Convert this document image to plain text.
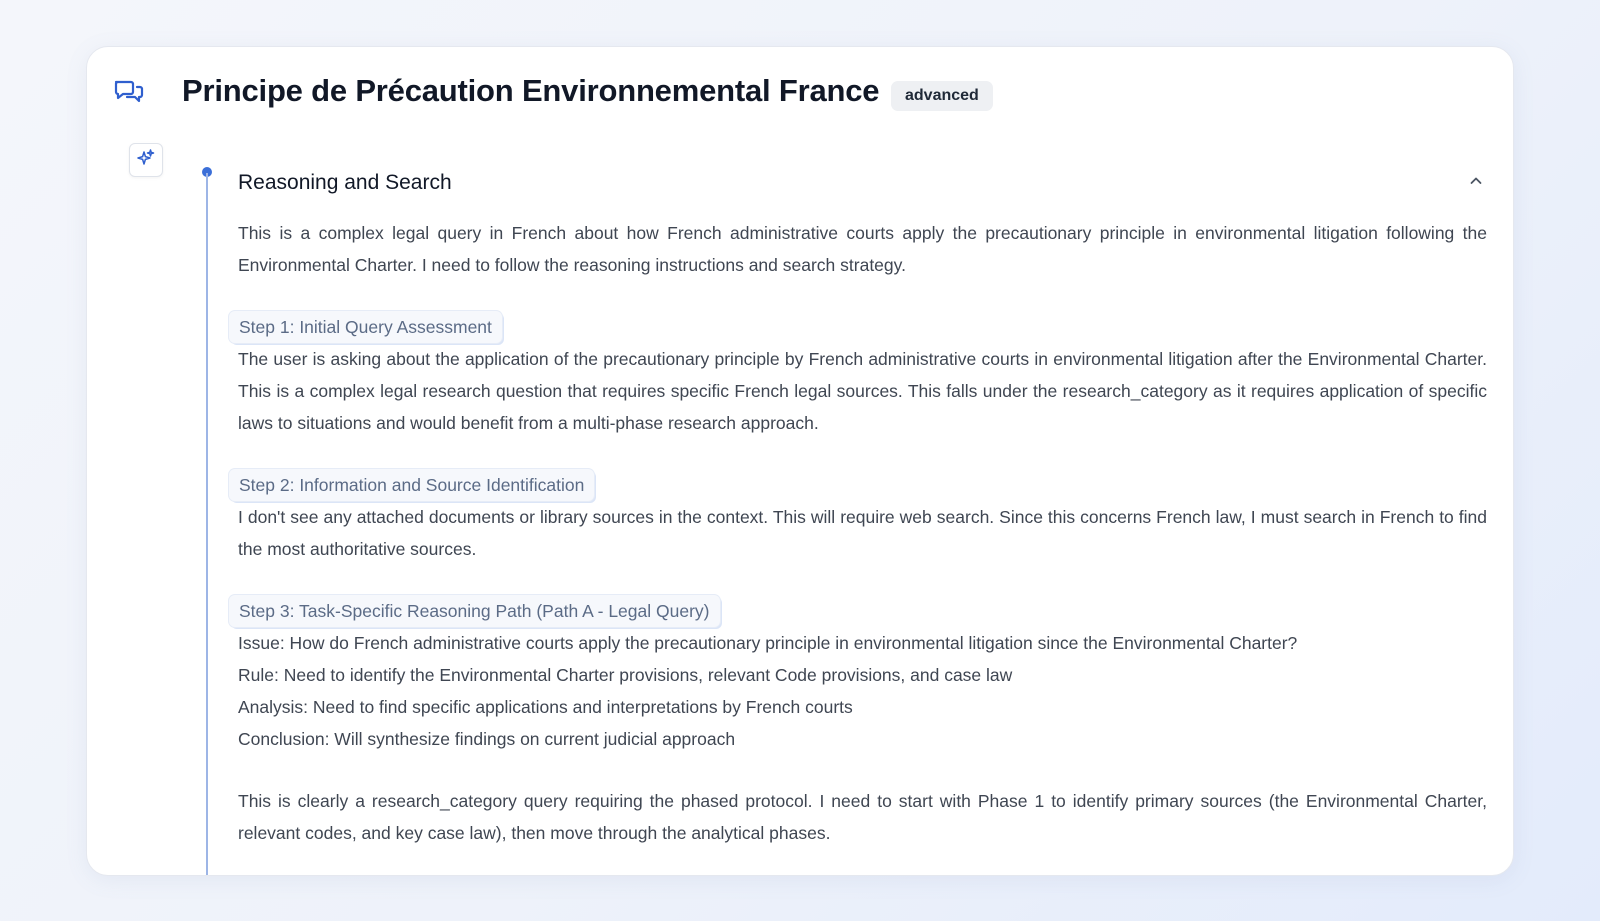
Principe de Précaution Environnemental France	advanced
Reasoning and Search

This is a complex legal query in French about how French administrative courts apply the precautionary principle in environmental litigation following the Environmental Charter. I need to follow the reasoning instructions and search strategy.

Step 1: Initial Query Assessment

The user is asking about the application of the precautionary principle by French administrative courts in environmental litigation after the Environmental Charter. This is a complex legal research question that requires specific French legal sources. This falls under the research_category as it requires application of specific laws to situations and would benefit from a multi-phase research approach.

Step 2: Information and Source Identification

I don't see any attached documents or library sources in the context. This will require web search. Since this concerns French law, I must search in French to find the most authoritative sources.

Step 3: Task-Specific Reasoning Path (Path A - Legal Query)
Issue: How do French administrative courts apply the precautionary principle in environmental litigation since the Environmental Charter?
Rule: Need to identify the Environmental Charter provisions, relevant Code provisions, and case law
Analysis: Need to find specific applications and interpretations by French courts
Conclusion: Will synthesize findings on current judicial approach

This is clearly a research_category query requiring the phased protocol. I need to start with Phase 1 to identify primary sources (the Environmental Charter, relevant codes, and key case law), then move through the analytical phases.
